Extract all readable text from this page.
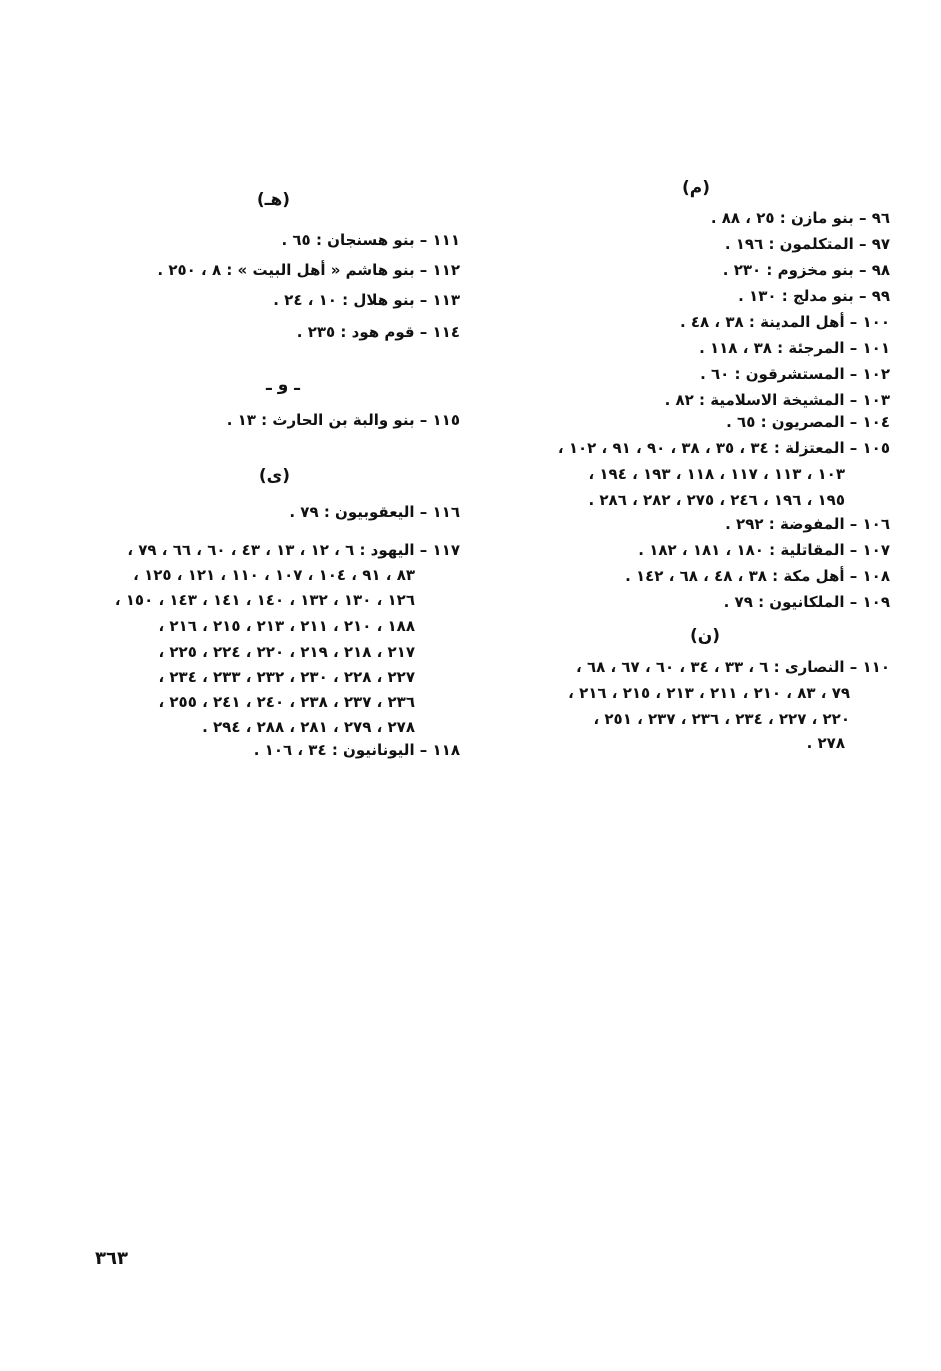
(م)
٩٦ – بنو مازن : ٢٥ ، ٨٨ .
٩٧ – المتكلمون : ١٩٦ .
٩٨ – بنو مخزوم : ٢٣٠ .
٩٩ – بنو مدلج : ١٣٠ .
١٠٠ – أهل المدينة : ٣٨ ، ٤٨ .
١٠١ – المرجئة : ٣٨ ، ١١٨ .
١٠٢ – المستشرقون : ٦٠ .
١٠٣ – المشيخة الاسلامية : ٨٢ .
١٠٤ – المصريون : ٦٥ .
١٠٥ – المعتزلة : ٣٤ ، ٣٥ ، ٣٨ ، ٩٠ ، ٩١ ، ١٠٢ ،
١٠٣ ، ١١٣ ، ١١٧ ، ١١٨ ، ١٩٣ ، ١٩٤ ،
١٩٥ ، ١٩٦ ، ٢٤٦ ، ٢٧٥ ، ٢٨٢ ، ٢٨٦ .
١٠٦ – المفوضة : ٢٩٢ .
١٠٧ – المقاتلية : ١٨٠ ، ١٨١ ، ١٨٢ .
١٠٨ – أهل مكة : ٣٨ ، ٤٨ ، ٦٨ ، ١٤٢ .
١٠٩ – الملكانيون : ٧٩ .
(ن)
١١٠ – النصارى : ٦ ، ٣٣ ، ٣٤ ، ٦٠ ، ٦٧ ، ٦٨ ،
٧٩ ، ٨٣ ، ٢١٠ ، ٢١١ ، ٢١٣ ، ٢١٥ ، ٢١٦ ،
٢٢٠ ، ٢٢٧ ، ٢٣٤ ، ٢٣٦ ، ٢٣٧ ، ٢٥١ ،
٢٧٨ .
(هـ)
١١١ – بنو هسنجان : ٦٥ .
١١٢ – بنو هاشم « أهل البيت » : ٨ ، ٢٥٠ .
١١٣ – بنو هلال : ١٠ ، ٢٤ .
١١٤ – قوم هود : ٢٣٥ .
ـ و ـ
١١٥ – بنو والبة بن الحارث : ١٣ .
(ى)
١١٦ – اليعقوبيون : ٧٩ .
١١٧ – اليهود : ٦ ، ١٢ ، ١٣ ، ٤٣ ، ٦٠ ، ٦٦ ، ٧٩ ،
٨٣ ، ٩١ ، ١٠٤ ، ١٠٧ ، ١١٠ ، ١٢١ ، ١٢٥ ،
١٢٦ ، ١٣٠ ، ١٣٢ ، ١٤٠ ، ١٤١ ، ١٤٣ ، ١٥٠ ،
١٨٨ ، ٢١٠ ، ٢١١ ، ٢١٣ ، ٢١٥ ، ٢١٦ ،
٢١٧ ، ٢١٨ ، ٢١٩ ، ٢٢٠ ، ٢٢٤ ، ٢٢٥ ،
٢٢٧ ، ٢٢٨ ، ٢٣٠ ، ٢٣٢ ، ٢٣٣ ، ٢٣٤ ،
٢٣٦ ، ٢٣٧ ، ٢٣٨ ، ٢٤٠ ، ٢٤١ ، ٢٥٥ ،
٢٧٨ ، ٢٧٩ ، ٢٨١ ، ٢٨٨ ، ٢٩٤ .
١١٨ – اليونانيون : ٣٤ ، ١٠٦ .
٣٦٣
